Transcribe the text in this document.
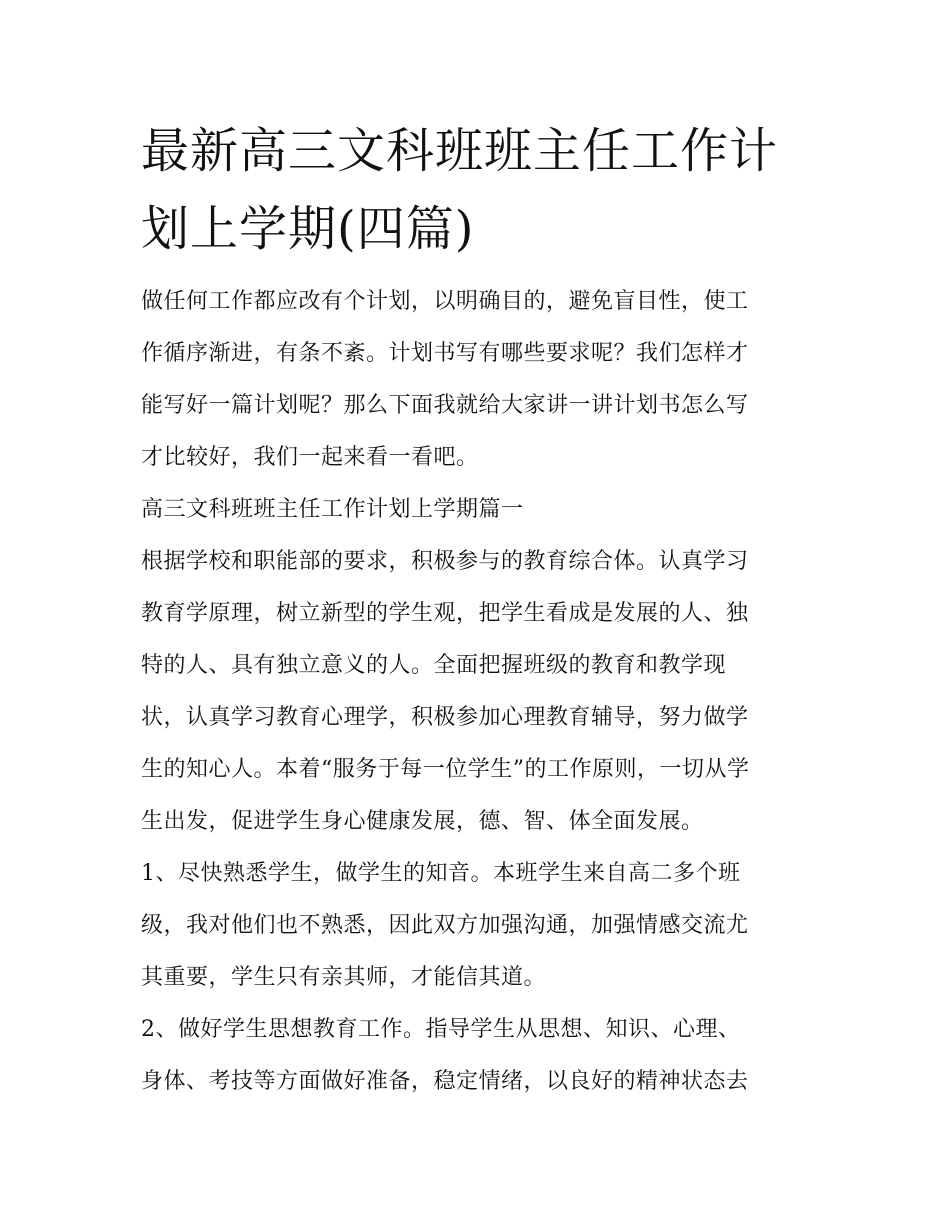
最新高三文科班班主任工作计
划上学期(四篇)

做任何工作都应改有个计划，以明确目的，避免盲目性，使工
作循序渐进，有条不紊。计划书写有哪些要求呢？我们怎样才
能写好一篇计划呢？那么下面我就给大家讲一讲计划书怎么写
才比较好，我们一起来看一看吧。

高三文科班班主任工作计划上学期篇一

根据学校和职能部的要求，积极参与的教育综合体。认真学习
教育学原理，树立新型的学生观，把学生看成是发展的人、独
特的人、具有独立意义的人。全面把握班级的教育和教学现
状，认真学习教育心理学，积极参加心理教育辅导，努力做学
生的知心人。本着“服务于每一位学生”的工作原则，一切从学
生出发，促进学生身心健康发展，德、智、体全面发展。

1、尽快熟悉学生，做学生的知音。本班学生来自高二多个班
级，我对他们也不熟悉，因此双方加强沟通，加强情感交流尤
其重要，学生只有亲其师，才能信其道。

2、做好学生思想教育工作。指导学生从思想、知识、心理、
身体、考技等方面做好准备，稳定情绪，以良好的精神状态去
